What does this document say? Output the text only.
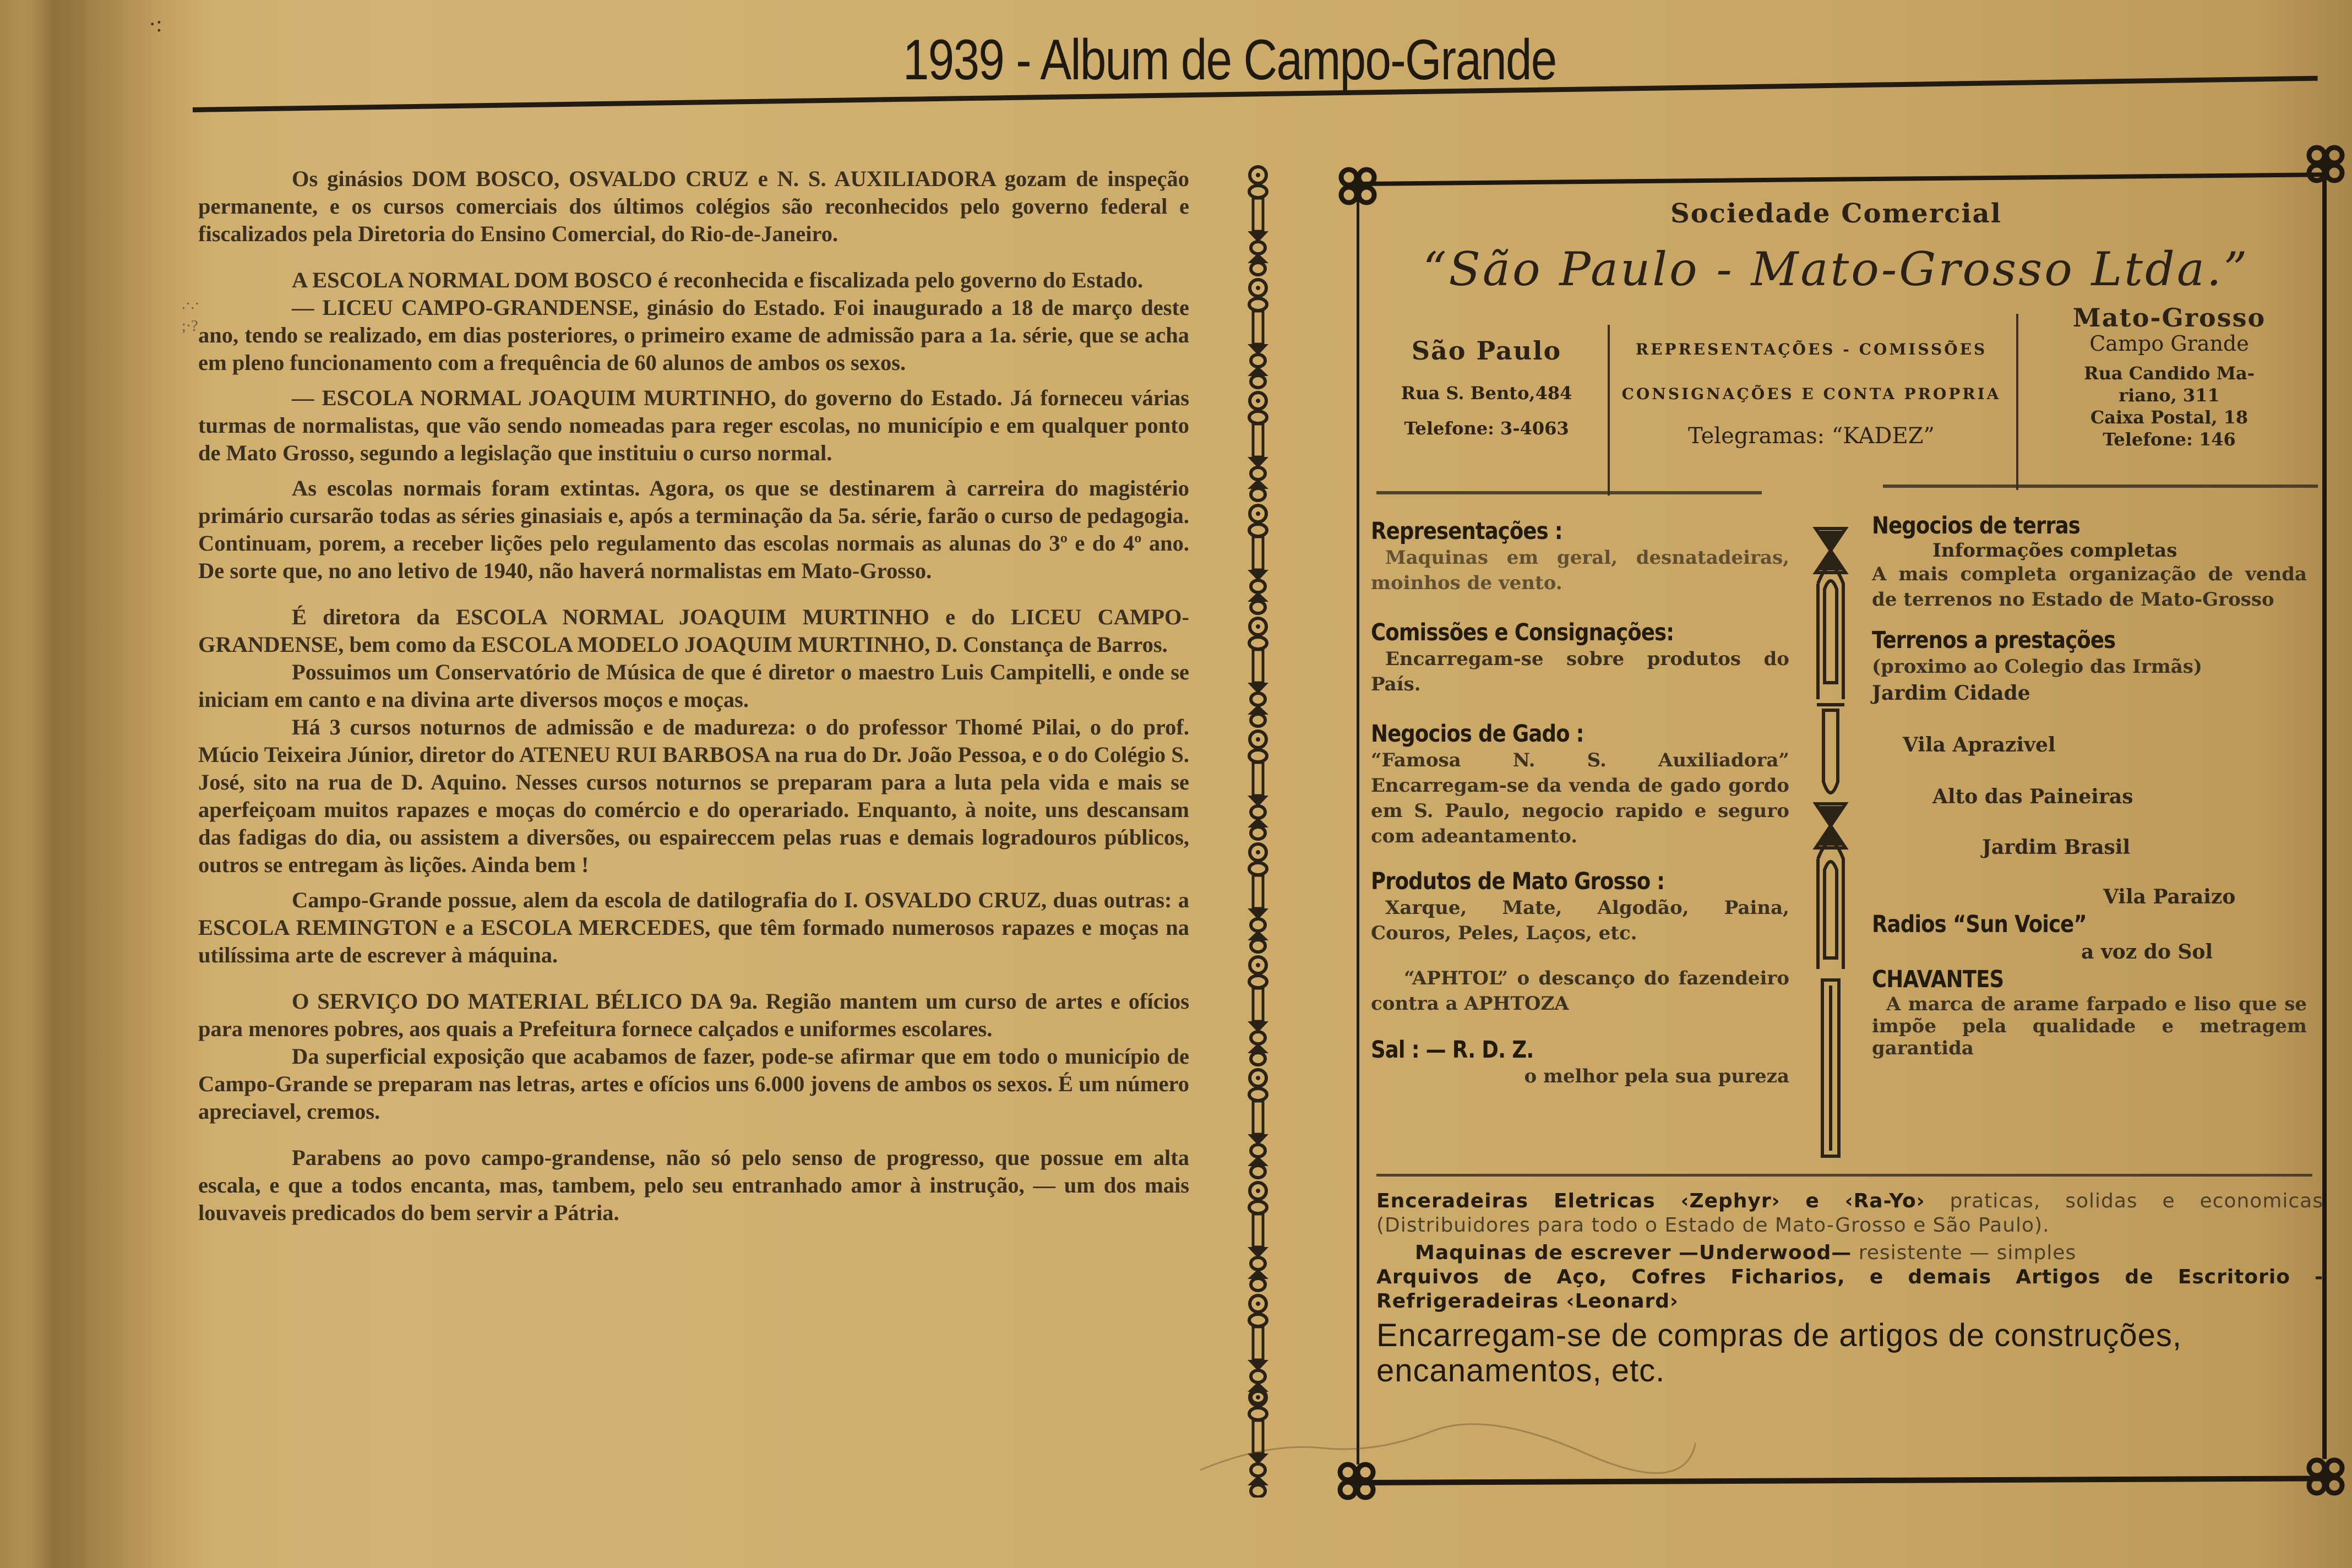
·:
1939 - Album de Campo-Grande

Os ginásios DOM BOSCO, OSVALDO CRUZ e N. S. AUXILIADORA gozam de inspeção permanente, e os cursos comerciais dos últimos colégios são reconhecidos pelo governo federal e fiscalizados pela Diretoria do Ensino Comercial, do Rio-de-Janeiro.

.·.·
;·?

A ESCOLA NORMAL DOM BOSCO é reconhecida e fiscalizada pelo governo do Estado.

— LICEU CAMPO-GRANDENSE, ginásio do Estado. Foi inaugurado a 18 de março deste ano, tendo se realizado, em dias posteriores, o primeiro exame de admissão para a 1a. série, que se acha em pleno funcionamento com a frequência de 60 alunos de ambos os sexos.

— ESCOLA NORMAL JOAQUIM MURTINHO, do governo do Estado. Já forneceu várias turmas de normalistas, que vão sendo nomeadas para reger escolas, no município e em qualquer ponto de Mato Grosso, segundo a legislação que instituiu o curso normal.

As escolas normais foram extintas. Agora, os que se destinarem à carreira do magistério primário cursarão todas as séries ginasiais e, após a terminação da 5a. série, farão o curso de pedagogia. Continuam, porem, a receber lições pelo regulamento das escolas normais as alunas do 3º e do 4º ano. De sorte que, no ano letivo de 1940, não haverá normalistas em Mato-Grosso.

É diretora da ESCOLA NORMAL JOAQUIM MURTINHO e do LICEU CAMPO-GRANDENSE, bem como da ESCOLA MODELO JOAQUIM MURTINHO, D. Constança de Barros.

Possuimos um Conservatório de Música de que é diretor o maestro Luis Campitelli, e onde se iniciam em canto e na divina arte diversos moços e moças.

Há 3 cursos noturnos de admissão e de madureza: o do professor Thomé Pilai, o do prof. Múcio Teixeira Júnior, diretor do ATENEU RUI BARBOSA na rua do Dr. João Pessoa, e o do Colégio S. José, sito na rua de D. Aquino. Nesses cursos noturnos se preparam para a luta pela vida e mais se aperfeiçoam muitos rapazes e moças do comércio e do operariado. Enquanto, à noite, uns descansam das fadigas do dia, ou assistem a diversões, ou espaireccem pelas ruas e demais logradouros públicos, outros se entregam às lições. Ainda bem !

Campo-Grande possue, alem da escola de datilografia do I. OSVALDO CRUZ, duas outras: a ESCOLA REMINGTON e a ESCOLA MERCEDES, que têm formado numerosos rapazes e moças na utilíssima arte de escrever à máquina.

O SERVIÇO DO MATERIAL BÉLICO DA 9a. Região mantem um curso de artes e ofícios para menores pobres, aos quais a Prefeitura fornece calçados e uniformes escolares.

Da superficial exposição que acabamos de fazer, pode-se afirmar que em todo o município de Campo-Grande se preparam nas letras, artes e ofícios uns 6.000 jovens de ambos os sexos. É um número apreciavel, cremos.

Parabens ao povo campo-grandense, não só pelo senso de progresso, que possue em alta escala, e que a todos encanta, mas, tambem, pelo seu entranhado amor à instrução, — um dos mais louvaveis predicados do bem servir a Pátria.

Sociedade Comercial
“São Paulo - Mato-Grosso Ltda.”
São Paulo
Rua S. Bento,484
Telefone: 3-4063
REPRESENTAÇÕES - COMISSÕES
CONSIGNAÇÕES E CONTA PROPRIA
Telegramas: “KADEZ”
Mato-Grosso
Campo Grande
Rua Candido Ma-
riano, 311
Caixa Postal, 18
Telefone: 146
Representações :
Maquinas em geral, desnatadeiras, moinhos de vento.
Comissões e Consignações:
Encarregam-se sobre produtos do País.
Negocios de Gado :
“Famosa N. S. Auxiliadora” Encarregam-se da venda de gado gordo em S. Paulo, negocio rapido e seguro com adeantamento.
Produtos de Mato Grosso :
Xarque, Mate, Algodão, Paina, Couros, Peles, Laços, etc.
“APHTOL” o descanço do fazendeiro contra a APHTOZA
Sal : — R. D. Z.
o melhor pela sua pureza
Negocios de terras
Informações completas
A mais completa organização de venda de terrenos no Estado de Mato-Grosso
Terrenos a prestações
(proximo ao Colegio das Irmãs)
Jardim Cidade
Vila Aprazivel
Alto das Paineiras
Jardim Brasil
Vila Paraizo
Radios “Sun Voice”
a voz do Sol
CHAVANTES
A marca de arame farpado e liso que se impõe pela qualidade e metragem garantida
Enceradeiras Eletricas ‹Zephyr› e ‹Ra-Yo› praticas, solidas e economicas (Distribuidores para todo o Estado de Mato-Grosso e São Paulo).
Maquinas de escrever —Underwood— resistente — simples
Arquivos de Aço, Cofres Ficharios, e demais Artigos de Escritorio - Refrigeradeiras ‹Leonard›
Encarregam-se de compras de artigos de construções, encanamentos, etc.
